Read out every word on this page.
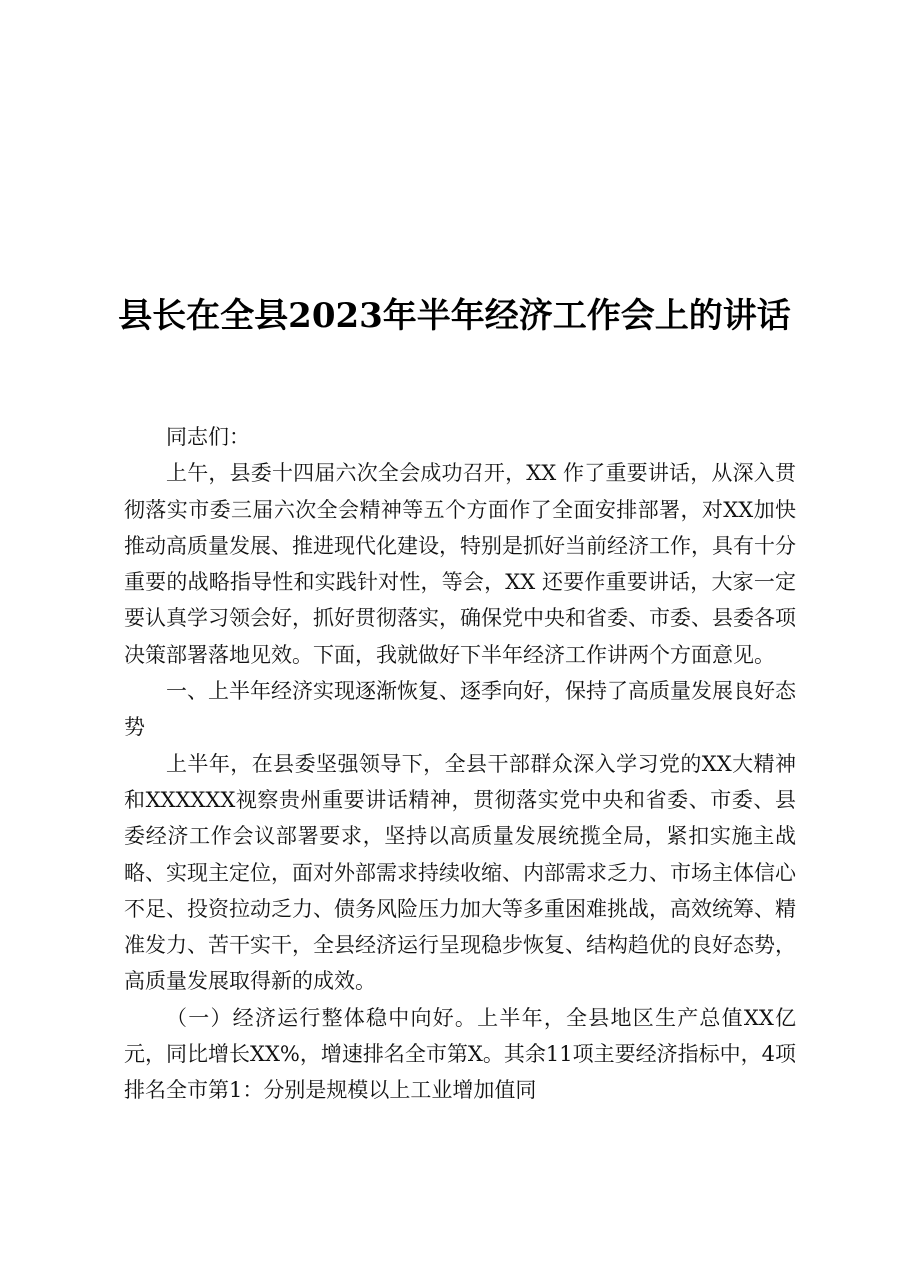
县长在全县2023年半年经济工作会上的讲话

同志们：

上午，县委十四届六次全会成功召开，XX 作了重要讲话，从深入贯彻落实市委三届六次全会精神等五个方面作了全面安排部署，对XX加快推动高质量发展、推进现代化建设，特别是抓好当前经济工作，具有十分重要的战略指导性和实践针对性，等会，XX 还要作重要讲话，大家一定要认真学习领会好，抓好贯彻落实，确保党中央和省委、市委、县委各项决策部署落地见效。下面，我就做好下半年经济工作讲两个方面意见。

一、上半年经济实现逐渐恢复、逐季向好，保持了高质量发展良好态势

上半年，在县委坚强领导下，全县干部群众深入学习党的XX大精神和XXXXXX视察贵州重要讲话精神，贯彻落实党中央和省委、市委、县委经济工作会议部署要求，坚持以高质量发展统揽全局，紧扣实施主战略、实现主定位，面对外部需求持续收缩、内部需求乏力、市场主体信心不足、投资拉动乏力、债务风险压力加大等多重困难挑战，高效统筹、精准发力、苦干实干，全县经济运行呈现稳步恢复、结构趋优的良好态势，高质量发展取得新的成效。

（一）经济运行整体稳中向好。上半年，全县地区生产总值XX亿元，同比增长XX%，增速排名全市第X。其余11项主要经济指标中，4项排名全市第1：分别是规模以上工业增加值同
